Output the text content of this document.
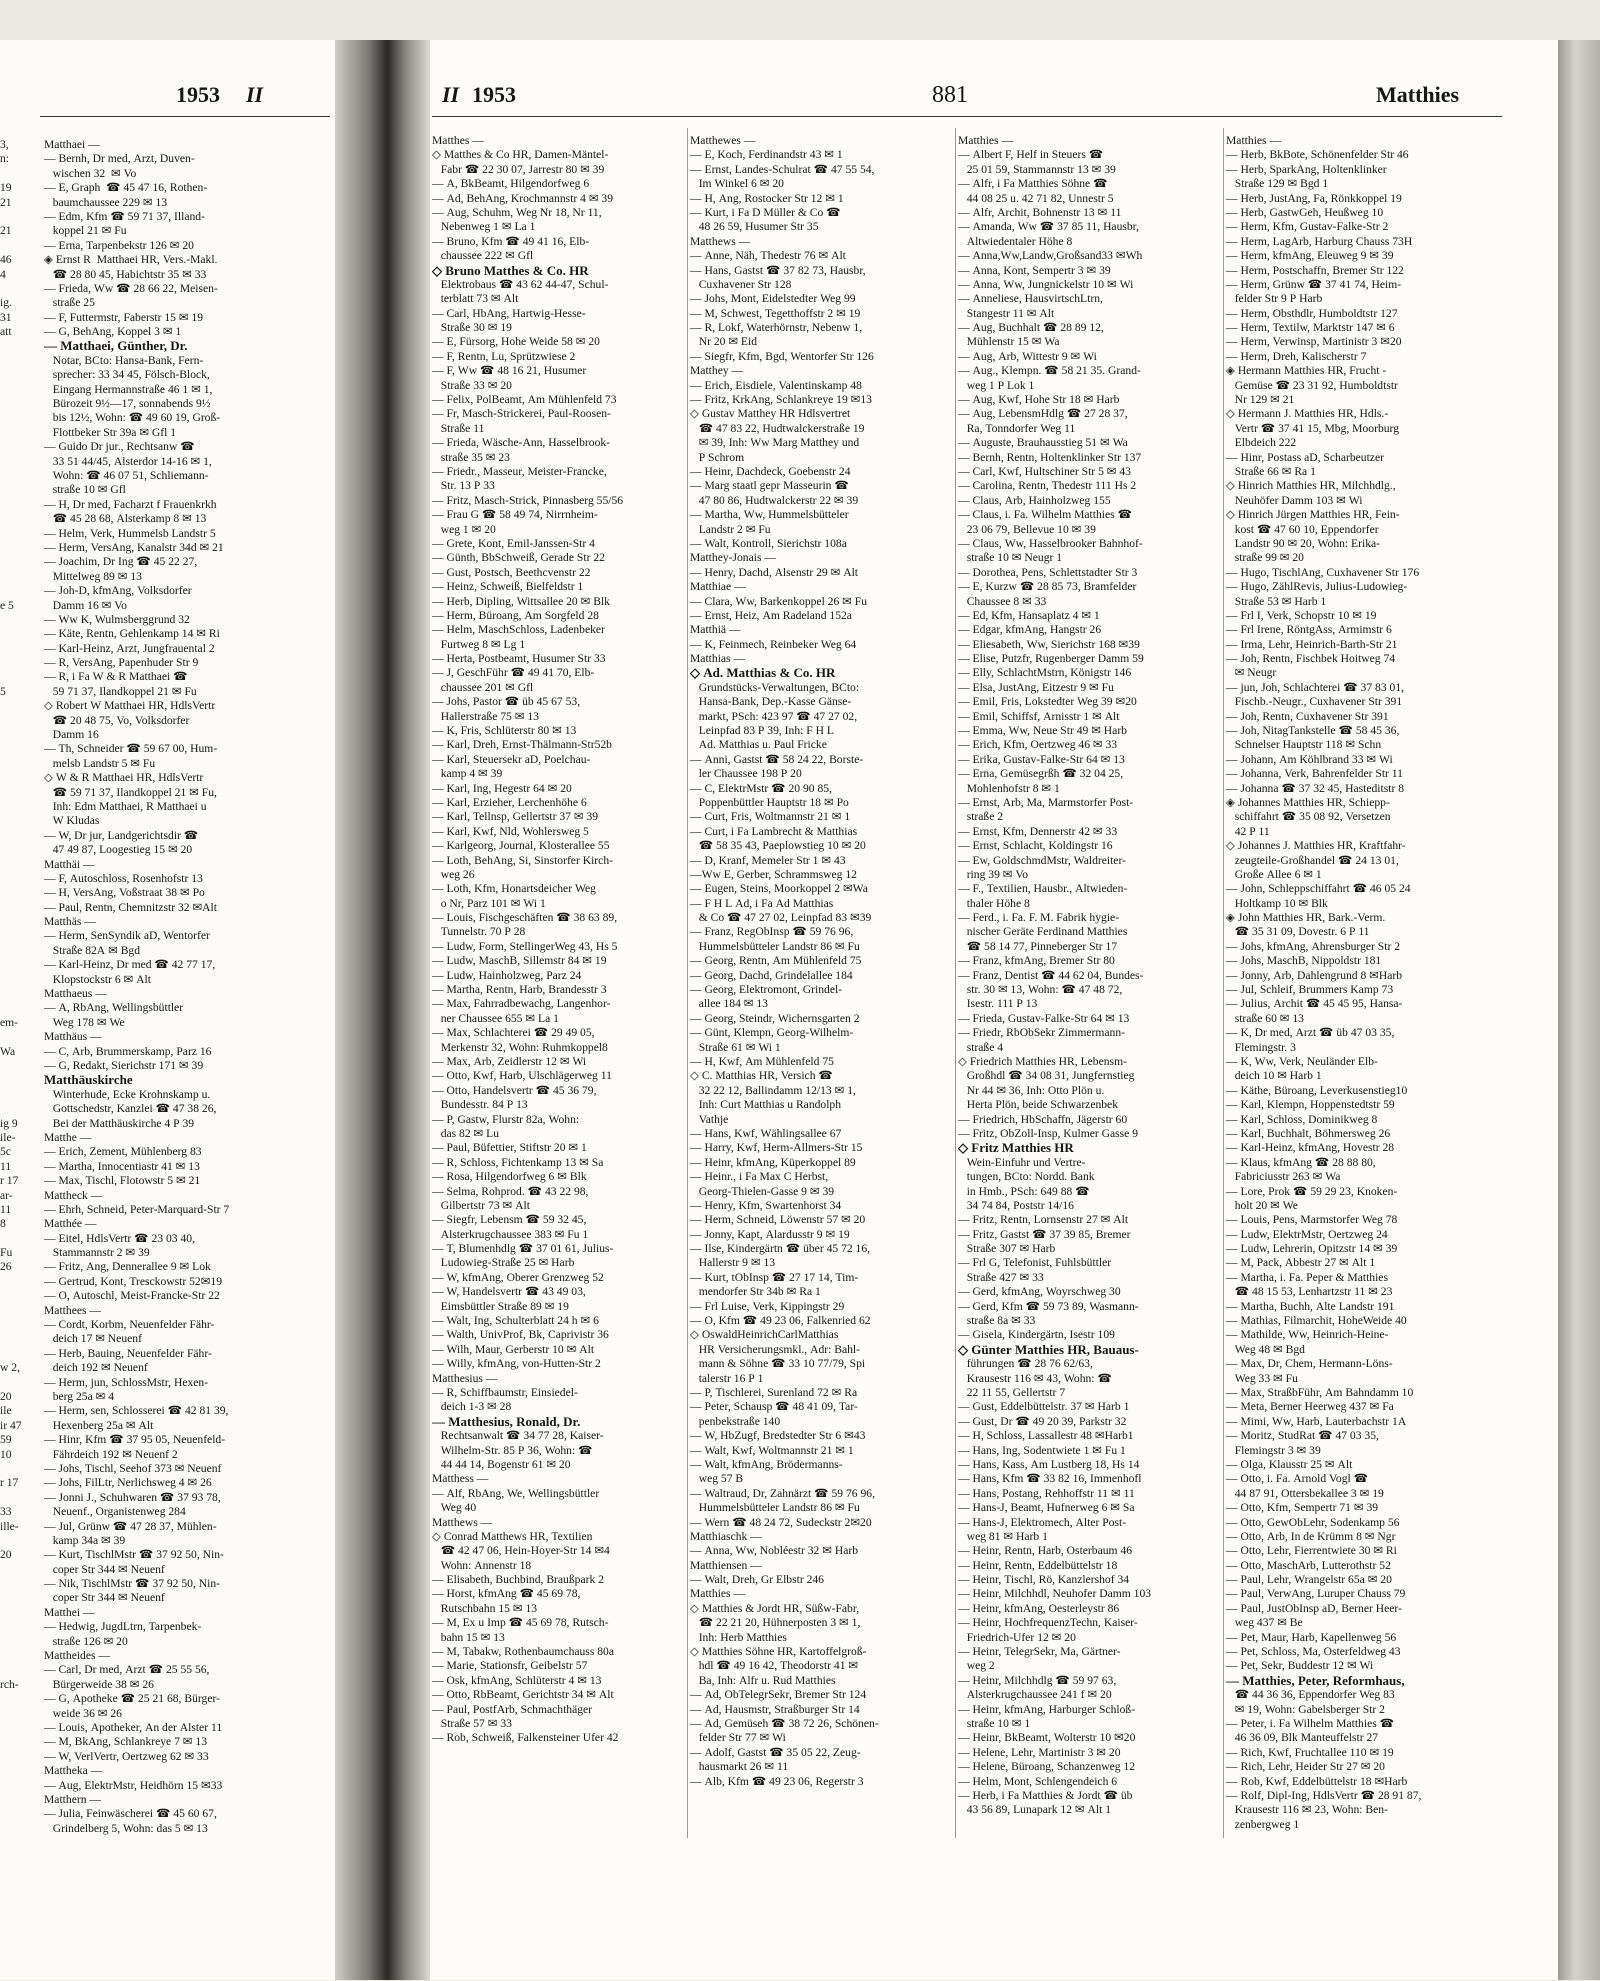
1953 II	II 1953	881	Matthies
3,
n:
19
21
21
46
4
ig.
31
att
e 5
5
em-
Wa
ig 9
ile-
5c
11
r 17
ar-
11
8
Fu
26
w 2,
20
ile
ir 47
59
10
r 17
33
ille-
20
rch-
Matthaei —
— Bernh, Dr med, Arzt, Duven-
wischen 32  ✉ Vo
— E, Graph  ☎ 45 47 16, Rothen-
baumchaussee 229 ✉ 13
— Edm, Kfm ☎ 59 71 37, Illand-
koppel 21 ✉ Fu
— Erna, Tarpenbekstr 126 ✉ 20
◈ Ernst R  Matthaei HR, Vers.-Makl.
☎ 28 80 45, Habichtstr 35 ✉ 33
— Frieda, Ww ☎ 28 66 22, Meisen-
straße 25
— F, Futtermstr, Faberstr 15 ✉ 19
— G, BehAng, Koppel 3 ✉ 1
— Matthaei, Günther, Dr.
Notar, BCto: Hansa-Bank, Fern-
sprecher: 33 34 45, Fölsch-Block,
Eingang Hermannstraße 46 1 ✉ 1,
Bürozeit 9½—17, sonnabends 9½
bis 12½, Wohn: ☎ 49 60 19, Groß-
Flottbeker Str 39a ✉ Gfl 1
— Guido Dr jur., Rechtsanw ☎
33 51 44/45, Alsterdor 14-16 ✉ 1,
Wohn: ☎ 46 07 51, Schliemann-
straße 10 ✉ Gfl
— H, Dr med, Facharzt f Frauenkrkh
☎ 45 28 68, Alsterkamp 8 ✉ 13
— Helm, Verk, Hummelsb Landstr 5
— Herm, VersAng, Kanalstr 34d ✉ 21
— Joachim, Dr Ing ☎ 45 22 27,
Mittelweg 89 ✉ 13
— Joh-D, kfmAng, Volksdorfer
Damm 16 ✉ Vo
— Ww K, Wulmsberggrund 32
— Käte, Rentn, Gehlenkamp 14 ✉ Ri
— Karl-Heinz, Arzt, Jungfrauental 2
— R, VersAng, Papenhuder Str 9
— R, i Fa W & R Matthaei ☎
59 71 37, Ilandkoppel 21 ✉ Fu
◇ Robert W Matthaei HR, HdlsVertr
☎ 20 48 75, Vo, Volksdorfer
Damm 16
— Th, Schneider ☎ 59 67 00, Hum-
melsb Landstr 5 ✉ Fu
◇ W & R Matthaei HR, HdlsVertr
☎ 59 71 37, Ilandkoppel 21 ✉ Fu,
Inh: Edm Matthaei, R Matthaei u
W Kludas
— W, Dr jur, Landgerichtsdir ☎
47 49 87, Loogestieg 15 ✉ 20
Matthäi —
— F, Autoschloss, Rosenhofstr 13
— H, VersAng, Voßstraat 38 ✉ Po
— Paul, Rentn, Chemnitzstr 32 ✉Alt
Matthäs —
— Herm, SenSyndik aD, Wentorfer
Straße 82A ✉ Bgd
— Karl-Heinz, Dr med ☎ 42 77 17,
Klopstockstr 6 ✉ Alt
Matthaeus —
— A, RbAng, Wellingsbüttler
Weg 178 ✉ We
Matthäus —
— C, Arb, Brummerskamp, Parz 16
— G, Redakt, Sierichstr 171 ✉ 39
Matthäuskirche
Winterhude, Ecke Krohnskamp u.
Gottschedstr, Kanzlei ☎ 47 38 26,
Bei der Matthäuskirche 4 P 39
Matthe —
— Erich, Zement, Mühlenberg 83
— Martha, Innocentiastr 41 ✉ 13
— Max, Tischl, Flotowstr 5 ✉ 21
Mattheck —
— Ehrh, Schneid, Peter-Marquard-Str 7
Matthée —
— Eitel, HdlsVertr ☎ 23 03 40,
Stammannstr 2 ✉ 39
— Fritz, Ang, Dennerallee 9 ✉ Lok
— Gertrud, Kont, Tresckowstr 52✉19
— O, Autoschl, Meist-Francke-Str 22
Matthees —
— Cordt, Korbm, Neuenfelder Fähr-
deich 17 ✉ Neuenf
— Herb, Bauing, Neuenfelder Fähr-
deich 192 ✉ Neuenf
— Herm, jun, SchlossMstr, Hexen-
berg 25a ✉ 4
— Herm, sen, Schlosserei ☎ 42 81 39,
Hexenberg 25a ✉ Alt
— Hinr, Kfm ☎ 37 95 05, Neuenfeld-
Fährdeich 192 ✉ Neuenf 2
— Johs, Tischl, Seehof 373 ✉ Neuenf
— Johs, FilLtr, Nerlichsweg 4 ✉ 26
— Jonni J., Schuhwaren ☎ 37 93 78,
Neuenf., Organistenweg 284
— Jul, Grünw ☎ 47 28 37, Mühlen-
kamp 34a ✉ 39
— Kurt, TischlMstr ☎ 37 92 50, Nin-
coper Str 344 ✉ Neuenf
— Nik, TischlMstr ☎ 37 92 50, Nin-
coper Str 344 ✉ Neuenf
Matthei —
— Hedwig, JugdLtrn, Tarpenbek-
straße 126 ✉ 20
Mattheides —
— Carl, Dr med, Arzt ☎ 25 55 56,
Bürgerweide 38 ✉ 26
— G, Apotheke ☎ 25 21 68, Bürger-
weide 36 ✉ 26
— Louis, Apotheker, An der Alster 11
— M, BkAng, Schlankreye 7 ✉ 13
— W, VerlVertr, Oertzweg 62 ✉ 33
Mattheka —
— Aug, ElektrMstr, Heidhörn 15 ✉33
Matthern —
— Julia, Feinwäscherei ☎ 45 60 67,
Grindelberg 5, Wohn: das 5 ✉ 13
Matthes —
◇ Matthes & Co HR, Damen-Mäntel-
Fabr ☎ 22 30 07, Jarrestr 80 ✉ 39
— A, BkBeamt, Hilgendorfweg 6
— Ad, BehAng, Krochmannstr 4 ✉ 39
— Aug, Schuhm, Weg Nr 18, Nr 11,
Nebenweg 1 ✉ La 1
— Bruno, Kfm ☎ 49 41 16, Elb-
chaussee 222 ✉ Gfl
◇ Bruno Matthes & Co. HR
Elektrobaus ☎ 43 62 44-47, Schul-
terblatt 73 ✉ Alt
— Carl, HbAng, Hartwig-Hesse-
Straße 30 ✉ 19
— E, Fürsorg, Hohe Weide 58 ✉ 20
— F, Rentn, Lu, Sprützwiese 2
— F, Ww ☎ 48 16 21, Husumer
Straße 33 ✉ 20
— Felix, PolBeamt, Am Mühlenfeld 73
— Fr, Masch-Strickerei, Paul-Roosen-
Straße 11
— Frieda, Wäsche-Ann, Hasselbrook-
straße 35 ✉ 23
— Friedr., Masseur, Meister-Francke,
Str. 13 P 33
— Fritz, Masch-Strick, Pinnasberg 55/56
— Frau G ☎ 58 49 74, Nirrnheim-
weg 1 ✉ 20
— Grete, Kont, Emil-Janssen-Str 4
— Günth, BbSchweiß, Gerade Str 22
— Gust, Postsch, Beethcvenstr 22
— Heinz, Schweiß, Bielfeldstr 1
— Herb, Dipling, Wittsallee 20 ✉ Blk
— Herm, Büroang, Am Sorgfeld 28
— Helm, MaschSchloss, Ladenbeker
Furtweg 8 ✉ Lg 1
— Herta, Postbeamt, Husumer Str 33
— J, GeschFühr ☎ 49 41 70, Elb-
chaussee 201 ✉ Gfl
— Johs, Pastor ☎ üb 45 67 53,
Hallerstraße 75 ✉ 13
— K, Fris, Schlüterstr 80 ✉ 13
— Karl, Dreh, Ernst-Thälmann-Str52b
— Karl, Steuersekr aD, Poelchau-
kamp 4 ✉ 39
— Karl, Ing, Hegestr 64 ✉ 20
— Karl, Erzieher, Lerchenhöhe 6
— Karl, Tellnsp, Gellertstr 37 ✉ 39
— Karl, Kwf, Nld, Wohlersweg 5
— Karlgeorg, Journal, Klosterallee 55
— Loth, BehAng, Si, Sinstorfer Kirch-
weg 26
— Loth, Kfm, Honartsdeicher Weg
o Nr, Parz 101 ✉ Wi 1
— Louis, Fischgeschäften ☎ 38 63 89,
Tunnelstr. 70 P 28
— Ludw, Form, StellingerWeg 43, Hs 5
— Ludw, MaschB, Sillemstr 84 ✉ 19
— Ludw, Hainholzweg, Parz 24
— Martha, Rentn, Harb, Brandesstr 3
— Max, Fahrradbewachg, Langenhor-
ner Chaussee 655 ✉ La 1
— Max, Schlachterei ☎ 29 49 05,
Merkenstr 32, Wohn: Ruhmkoppel8
— Max, Arb, Zeidlerstr 12 ✉ Wi
— Otto, Kwf, Harb, Ulschlägerweg 11
— Otto, Handelsvertr ☎ 45 36 79,
Bundesstr. 84 P 13
— P, Gastw, Flurstr 82a, Wohn:
das 82 ✉ Lu
— Paul, Büfettier, Stiftstr 20 ✉ 1
— R, Schloss, Fichtenkamp 13 ✉ Sa
— Rosa, Hilgendorfweg 6 ✉ Blk
— Selma, Rohprod. ☎ 43 22 98,
Gilbertstr 73 ✉ Alt
— Siegfr, Lebensm ☎ 59 32 45,
Alsterkrugchaussee 383 ✉ Fu 1
— T, Blumenhdlg ☎ 37 01 61, Julius-
Ludowieg-Straße 25 ✉ Harb
— W, kfmAng, Oberer Grenzweg 52
— W, Handelsvertr ☎ 43 49 03,
Eimsbüttler Straße 89 ✉ 19
— Walt, Ing, Schulterblatt 24 h ✉ 6
— Walth, UnivProf, Bk, Caprivistr 36
— Wilh, Maur, Gerberstr 10 ✉ Alt
— Willy, kfmAng, von-Hutten-Str 2
Matthesius —
— R, Schiffbaumstr, Einsiedel-
deich 1-3 ✉ 28
— Matthesius, Ronald, Dr.
Rechtsanwalt ☎ 34 77 28, Kaiser-
Wilhelm-Str. 85 P 36, Wohn: ☎
44 44 14, Bogenstr 61 ✉ 20
Matthess —
— Alf, RbAng, We, Wellingsbüttler
Weg 40
Matthews —
◇ Conrad Matthews HR, Textilien
☎ 42 47 06, Hein-Hoyer-Str 14 ✉4
Wohn: Annenstr 18
— Elisabeth, Buchbind, Braußpark 2
— Horst, kfmAng ☎ 45 69 78,
Rutschbahn 15 ✉ 13
— M, Ex u Imp ☎ 45 69 78, Rutsch-
bahn 15 ✉ 13
— M, Tabakw, Rothenbaumchauss 80a
— Marie, Stationsfr, Geibelstr 57
— Osk, kfmAng, Schlüterstr 4 ✉ 13
— Otto, RbBeamt, Gerichtstr 34 ✉ Alt
— Paul, PostfArb, Schmachthäger
Straße 57 ✉ 33
— Rob, Schweiß, Falkensteiner Ufer 42
Matthewes —
— E, Koch, Ferdinandstr 43 ✉ 1
— Ernst, Landes-Schulrat ☎ 47 55 54,
Im Winkel 6 ✉ 20
— H, Ang, Rostocker Str 12 ✉ 1
— Kurt, i Fa D Müller & Co ☎
48 26 59, Husumer Str 35
Matthews —
— Anne, Näh, Thedestr 76 ✉ Alt
— Hans, Gastst ☎ 37 82 73, Hausbr,
Cuxhavener Str 128
— Johs, Mont, Eidelstedter Weg 99
— M, Schwest, Tegetthoffstr 2 ✉ 19
— R, Lokf, Waterhörnstr, Nebenw 1,
Nr 20 ✉ Eid
— Siegfr, Kfm, Bgd, Wentorfer Str 126
Matthey —
— Erich, Eisdiele, Valentinskamp 48
— Fritz, KrkAng, Schlankreye 19 ✉13
◇ Gustav Matthey HR Hdlsvertret
☎ 47 83 22, Hudtwalckerstraße 19
✉ 39, Inh: Ww Marg Matthey und
P Schrom
— Heinr, Dachdeck, Goebenstr 24
— Marg staatl gepr Masseurin ☎
47 80 86, Hudtwalckerstr 22 ✉ 39
— Martha, Ww, Hummelsbütteler
Landstr 2 ✉ Fu
— Walt, Kontroll, Sierichstr 108a
Matthey-Jonais —
— Henry, Dachd, Alsenstr 29 ✉ Alt
Matthiae —
— Clara, Ww, Barkenkoppel 26 ✉ Fu
— Ernst, Heiz, Am Radeland 152a
Matthiä —
— K, Feinmech, Reinbeker Weg 64
Matthias —
◇ Ad. Matthias & Co. HR
Grundstücks-Verwaltungen, BCto:
Hansa-Bank, Dep.-Kasse Gänse-
markt, PSch: 423 97 ☎ 47 27 02,
Leinpfad 83 P 39, Inh: F H L
Ad. Matthias u. Paul Fricke
— Anni, Gastst ☎ 58 24 22, Borste-
ler Chaussee 198 P 20
— C, ElektrMstr ☎ 20 90 85,
Poppenbüttler Hauptstr 18 ✉ Po
— Curt, Fris, Woltmannstr 21 ✉ 1
— Curt, i Fa Lambrecht & Matthias
☎ 58 35 43, Paeplowstieg 10 ✉ 20
— D, Kranf, Memeler Str 1 ✉ 43
—Ww E, Gerber, Schrammsweg 12
— Eugen, Steins, Moorkoppel 2 ✉Wa
— F H L Ad, i Fa Ad Matthias
& Co ☎ 47 27 02, Leinpfad 83 ✉39
— Franz, RegObInsp ☎ 59 76 96,
Hummelsbütteler Landstr 86 ✉ Fu
— Georg, Rentn, Am Mühlenfeld 75
— Georg, Dachd, Grindelallee 184
— Georg, Elektromont, Grindel-
allee 184 ✉ 13
— Georg, Steindr, Wichernsgarten 2
— Günt, Klempn, Georg-Wilhelm-
Straße 61 ✉ Wi 1
— H, Kwf, Am Mühlenfeld 75
◇ C. Matthias HR, Versich ☎
32 22 12, Ballindamm 12/13 ✉ 1,
Inh: Curt Matthias u Randolph
Vathje
— Hans, Kwf, Wählingsallee 67
— Harry, Kwf, Herm-Allmers-Str 15
— Heinr, kfmAng, Küperkoppel 89
— Heinr., i Fa Max C Herbst,
Georg-Thielen-Gasse 9 ✉ 39
— Henry, Kfm, Swartenhorst 34
— Herm, Schneid, Löwenstr 57 ✉ 20
— Jonny, Kapt, Alardusstr 9 ✉ 19
— Ilse, Kindergärtn ☎ über 45 72 16,
Hallerstr 9 ✉ 13
— Kurt, tObInsp ☎ 27 17 14, Tim-
mendorfer Str 34b ✉ Ra 1
— Frl Luise, Verk, Kippingstr 29
— O, Kfm ☎ 49 23 06, Falkenried 62
◇ OswaldHeinrichCarlMatthias
HR Versicherungsmkl., Adr: Bahl-
mann & Söhne ☎ 33 10 77/79, Spi
talerstr 16 P 1
— P, Tischlerei, Surenland 72 ✉ Ra
— Peter, Schausp ☎ 48 41 09, Tar-
penbekstraße 140
— W, HbZugf, Bredstedter Str 6 ✉43
— Walt, Kwf, Woltmannstr 21 ✉ 1
— Walt, kfmAng, Brödermanns-
weg 57 B
— Waltraud, Dr, Zahnärzt ☎ 59 76 96,
Hummelsbütteler Landstr 86 ✉ Fu
— Wern ☎ 48 24 72, Sudeckstr 2✉20
Matthiaschk —
— Anna, Ww, Nobléestr 32 ✉ Harb
Matthiensen —
— Walt, Dreh, Gr Elbstr 246
Matthies —
◇ Matthies & Jordt HR, Süßw-Fabr,
☎ 22 21 20, Hühnerposten 3 ✉ 1,
Inh: Herb Matthies
◇ Matthies Söhne HR, Kartoffelgroß-
hdl ☎ 49 16 42, Theodorstr 41 ✉
Ba, Inh: Alfr u. Rud Matthies
— Ad, ObTelegrSekr, Bremer Str 124
— Ad, Hausmstr, Straßburger Str 14
— Ad, Gemüseh ☎ 38 72 26, Schönen-
felder Str 77 ✉ Wi
— Adolf, Gastst ☎ 35 05 22, Zeug-
hausmarkt 26 ✉ 11
— Alb, Kfm ☎ 49 23 06, Regerstr 3
Matthies —
— Albert F, Helf in Steuers ☎
25 01 59, Stammannstr 13 ✉ 39
— Alfr, i Fa Matthies Söhne ☎
44 08 25 u. 42 71 82, Unnestr 5
— Alfr, Archit, Bohnenstr 13 ✉ 11
— Amanda, Ww ☎ 37 85 11, Hausbr,
Altwiedentaler Höhe 8
— Anna,Ww,Landw,Großsand33 ✉Wh
— Anna, Kont, Sempertr 3 ✉ 39
— Anna, Ww, Jungnickelstr 10 ✉ Wi
— Anneliese, HausvirtschLtrn,
Stangestr 11 ✉ Alt
— Aug, Buchhalt ☎ 28 89 12,
Mühlenstr 15 ✉ Wa
— Aug, Arb, Wittestr 9 ✉ Wi
— Aug., Klempn. ☎ 58 21 35. Grand-
weg 1 P Lok 1
— Aug, Kwf, Hohe Str 18 ✉ Harb
— Aug, LebensmHdlg ☎ 27 28 37,
Ra, Tonndorfer Weg 11
— Auguste, Brauhausstieg 51 ✉ Wa
— Bernh, Rentn, Holtenklinker Str 137
— Carl, Kwf, Hultschiner Str 5 ✉ 43
— Carolina, Rentn, Thedestr 111 Hs 2
— Claus, Arb, Hainholzweg 155
— Claus, i. Fa. Wilhelm Matthies ☎
23 06 79, Bellevue 10 ✉ 39
— Claus, Ww, Hasselbrooker Bahnhof-
straße 10 ✉ Neugr 1
— Dorothea, Pens, Schlettstadter Str 3
— E, Kurzw ☎ 28 85 73, Bramfelder
Chaussee 8 ✉ 33
— Ed, Kfm, Hansaplatz 4 ✉ 1
— Edgar, kfmAng, Hangstr 26
— Eliesabeth, Ww, Sierichstr 168 ✉39
— Elise, Putzfr, Rugenberger Damm 59
— Elly, SchlachtMstrn, Königstr 146
— Elsa, JustAng, Eitzestr 9 ✉ Fu
— Emil, Fris, Lokstedter Weg 39 ✉20
— Emil, Schiffsf, Arnisstr 1 ✉ Alt
— Emma, Ww, Neue Str 49 ✉ Harb
— Erich, Kfm, Oertzweg 46 ✉ 33
— Erika, Gustav-Falke-Str 64 ✉ 13
— Erna, Gemüsegrßh ☎ 32 04 25,
Mohlenhofstr 8 ✉ 1
— Ernst, Arb, Ma, Marmstorfer Post-
straße 2
— Ernst, Kfm, Dennerstr 42 ✉ 33
— Ernst, Schlacht, Koldingstr 16
— Ew, GoldschmdMstr, Waldreiter-
ring 39 ✉ Vo
— F., Textilien, Hausbr., Altwieden-
thaler Höhe 8
— Ferd., i. Fa. F. M. Fabrik hygie-
nischer Geräte Ferdinand Matthies
☎ 58 14 77, Pinneberger Str 17
— Franz, kfmAng, Bremer Str 80
— Franz, Dentist ☎ 44 62 04, Bundes-
str. 30 ✉ 13, Wohn: ☎ 47 48 72,
Isestr. 111 P 13
— Frieda, Gustav-Falke-Str 64 ✉ 13
— Friedr, RbObSekr Zimmermann-
straße 4
◇ Friedrich Matthies HR, Lebensm-
Großhdl ☎ 34 08 31, Jungfernstieg
Nr 44 ✉ 36, Inh: Otto Plön u.
Herta Plön, beide Schwarzenbek
— Friedrich, HbSchaffn, Jägerstr 60
— Fritz, ObZoll-Insp, Kulmer Gasse 9
◇ Fritz Matthies HR
Wein-Einfuhr und Vertre-
tungen, BCto: Nordd. Bank
in Hmb., PSch: 649 88 ☎
34 74 84, Poststr 14/16
— Fritz, Rentn, Lornsenstr 27 ✉ Alt
— Fritz, Gastst ☎ 37 39 85, Bremer
Straße 307 ✉ Harb
— Frl G, Telefonist, Fuhlsbüttler
Straße 427 ✉ 33
— Gerd, kfmAng, Woyrschweg 30
— Gerd, Kfm ☎ 59 73 89, Wasmann-
straße 8a ✉ 33
— Gisela, Kindergärtn, Isestr 109
◇ Günter Matthies HR, Bauaus-
führungen ☎ 28 76 62/63,
Krausestr 116 ✉ 43, Wohn: ☎
22 11 55, Gellertstr 7
— Gust, Eddelbüttelstr. 37 ✉ Harb 1
— Gust, Dr ☎ 49 20 39, Parkstr 32
— H, Schloss, Lassallestr 48 ✉Harb1
— Hans, Ing, Sodentwiete 1 ✉ Fu 1
— Hans, Kass, Am Lustberg 18, Hs 14
— Hans, Kfm ☎ 33 82 16, Immenhofl
— Hans, Postang, Rehhoffstr 11 ✉ 11
— Hans-J, Beamt, Hufnerweg 6 ✉ Sa
— Hans-J, Elektromech, Alter Post-
weg 81 ✉ Harb 1
— Heinr, Rentn, Harb, Osterbaum 46
— Heinr, Rentn, Eddelbüttelstr 18
— Heinr, Tischl, Rö, Kanzlershof 34
— Heinr, Milchhdl, Neuhofer Damm 103
— Heinr, kfmAng, Oesterleystr 86
— Heinr, HochfrequenzTechn, Kaiser-
Friedrich-Ufer 12 ✉ 20
— Heinr, TelegrSekr, Ma, Gärtner-
weg 2
— Heinr, Milchhdlg ☎ 59 97 63,
Alsterkrugchaussee 241 f ✉ 20
— Heinr, kfmAng, Harburger Schloß-
straße 10 ✉ 1
— Heinr, BkBeamt, Wolterstr 10 ✉20
— Helene, Lehr, Martinistr 3 ✉ 20
— Helene, Büroang, Schanzenweg 12
— Helm, Mont, Schlengendeich 6
— Herb, i Fa Matthies & Jordt ☎ üb
43 56 89, Lunapark 12 ✉ Alt 1
Matthies —
— Herb, BkBote, Schönenfelder Str 46
— Herb, SparkAng, Holtenklinker
Straße 129 ✉ Bgd 1
— Herb, JustAng, Fa, Rönkkoppel 19
— Herb, GastwGeh, Heußweg 10
— Herm, Kfm, Gustav-Falke-Str 2
— Herm, LagArb, Harburg Chauss 73H
— Herm, kfmAng, Eleuweg 9 ✉ 39
— Herm, Postschaffn, Bremer Str 122
— Herm, Grünw ☎ 37 41 74, Heim-
felder Str 9 P Harb
— Herm, Obsthdlr, Humboldtstr 127
— Herm, Textilw, Marktstr 147 ✉ 6
— Herm, Verwinsp, Martinistr 3 ✉20
— Herm, Dreh, Kalischerstr 7
◈ Hermann Matthies HR, Frucht -
Gemüse ☎ 23 31 92, Humboldtstr
Nr 129 ✉ 21
◇ Hermann J. Matthies HR, Hdls.-
Vertr ☎ 37 41 15, Mbg, Moorburg
Elbdeich 222
— Hinr, Postass aD, Scharbeutzer
Straße 66 ✉ Ra 1
◇ Hinrich Matthies HR, Milchhdlg.,
Neuhöfer Damm 103 ✉ Wi
◇ Hinrich Jürgen Matthies HR, Fein-
kost ☎ 47 60 10, Eppendorfer
Landstr 90 ✉ 20, Wohn: Erika-
straße 99 ✉ 20
— Hugo, TischlAng, Cuxhavener Str 176
— Hugo, ZählRevis, Julius-Ludowieg-
Straße 53 ✉ Harb 1
— Frl I, Verk, Schopstr 10 ✉ 19
— Frl Irene, RöntgAss, Armimstr 6
— Irma, Lehr, Heinrich-Barth-Str 21
— Joh, Rentn, Fischbek Hoitweg 74
✉ Neugr
— jun, Joh, Schlachterei ☎ 37 83 01,
Fischb.-Neugr., Cuxhavener Str 391
— Joh, Rentn, Cuxhavener Str 391
— Joh, NitagTankstelle ☎ 58 45 36,
Schnelser Hauptstr 118 ✉ Schn
— Johann, Am Köhlbrand 33 ✉ Wi
— Johanna, Verk, Bahrenfelder Str 11
— Johanna ☎ 37 32 45, Hasteditstr 8
◈ Johannes Matthies HR, Schiepp-
schiffahrt ☎ 35 08 92, Versetzen
42 P 11
◇ Johannes J. Matthies HR, Kraftfahr-
zeugteile-Großhandel ☎ 24 13 01,
Große Allee 6 ✉ 1
— John, Schleppschiffahrt ☎ 46 05 24
Holtkamp 10 ✉ Blk
◈ John Matthies HR, Bark.-Verm.
☎ 35 31 09, Dovestr. 6 P 11
— Johs, kfmAng, Ahrensburger Str 2
— Johs, MaschB, Nippoldstr 181
— Jonny, Arb, Dahlengrund 8 ✉Harb
— Jul, Schleif, Brummers Kamp 73
— Julius, Archit ☎ 45 45 95, Hansa-
straße 60 ✉ 13
— K, Dr med, Arzt ☎ üb 47 03 35,
Flemingstr. 3
— K, Ww, Verk, Neuländer Elb-
deich 10 ✉ Harb 1
— Käthe, Büroang, Leverkusenstieg10
— Karl, Klempn, Hoppenstedtstr 59
— Karl, Schloss, Dominikweg 8
— Karl, Buchhalt, Böhmersweg 26
— Karl-Heinz, kfmAng, Hovestr 28
— Klaus, kfmAng ☎ 28 88 80,
Fabriciusstr 263 ✉ Wa
— Lore, Prok ☎ 59 29 23, Knoken-
holt 20 ✉ We
— Louis, Pens, Marmstorfer Weg 78
— Ludw, ElektrMstr, Oertzweg 24
— Ludw, Lehrerin, Opitzstr 14 ✉ 39
— M, Pack, Abbestr 27 ✉ Alt 1
— Martha, i. Fa. Peper & Matthies
☎ 48 15 53, Lenhartzstr 11 ✉ 23
— Martha, Buchh, Alte Landstr 191
— Mathias, Filmarchit, HoheWeide 40
— Mathilde, Ww, Heinrich-Heine-
Weg 48 ✉ Bgd
— Max, Dr, Chem, Hermann-Löns-
Weg 33 ✉ Fu
— Max, StraßbFühr, Am Bahndamm 10
— Meta, Berner Heerweg 437 ✉ Fa
— Mimi, Ww, Harb, Lauterbachstr 1A
— Moritz, StudRat ☎ 47 03 35,
Flemingstr 3 ✉ 39
— Olga, Klausstr 25 ✉ Alt
— Otto, i. Fa. Arnold Vogl ☎
44 87 91, Ottersbekallee 3 ✉ 19
— Otto, Kfm, Sempertr 71 ✉ 39
— Otto, GewObLehr, Sodenkamp 56
— Otto, Arb, In de Krümm 8 ✉ Ngr
— Otto, Lehr, Fierrentwiete 30 ✉ Ri
— Otto, MaschArb, Lutterothstr 52
— Paul, Lehr, Wrangelstr 65a ✉ 20
— Paul, VerwAng, Luruper Chauss 79
— Paul, JustObInsp aD, Berner Heer-
weg 437 ✉ Be
— Pet, Maur, Harb, Kapellenweg 56
— Pet, Schloss, Ma, Osterfeldweg 43
— Pet, Sekr, Buddestr 12 ✉ Wi
— Matthies, Peter, Reformhaus,
☎ 44 36 36, Eppendorfer Weg 83
✉ 19, Wohn: Gabelsberger Str 2
— Peter, i. Fa Wilhelm Matthies ☎
46 36 09, Blk Manteuffelstr 27
— Rich, Kwf, Fruchtallee 110 ✉ 19
— Rich, Lehr, Heider Str 27 ✉ 20
— Rob, Kwf, Eddelbüttelstr 18 ✉Harb
— Rolf, Dipl-Ing, HdlsVertr ☎ 28 91 87,
Krausestr 116 ✉ 23, Wohn: Ben-
zenbergweg 1
